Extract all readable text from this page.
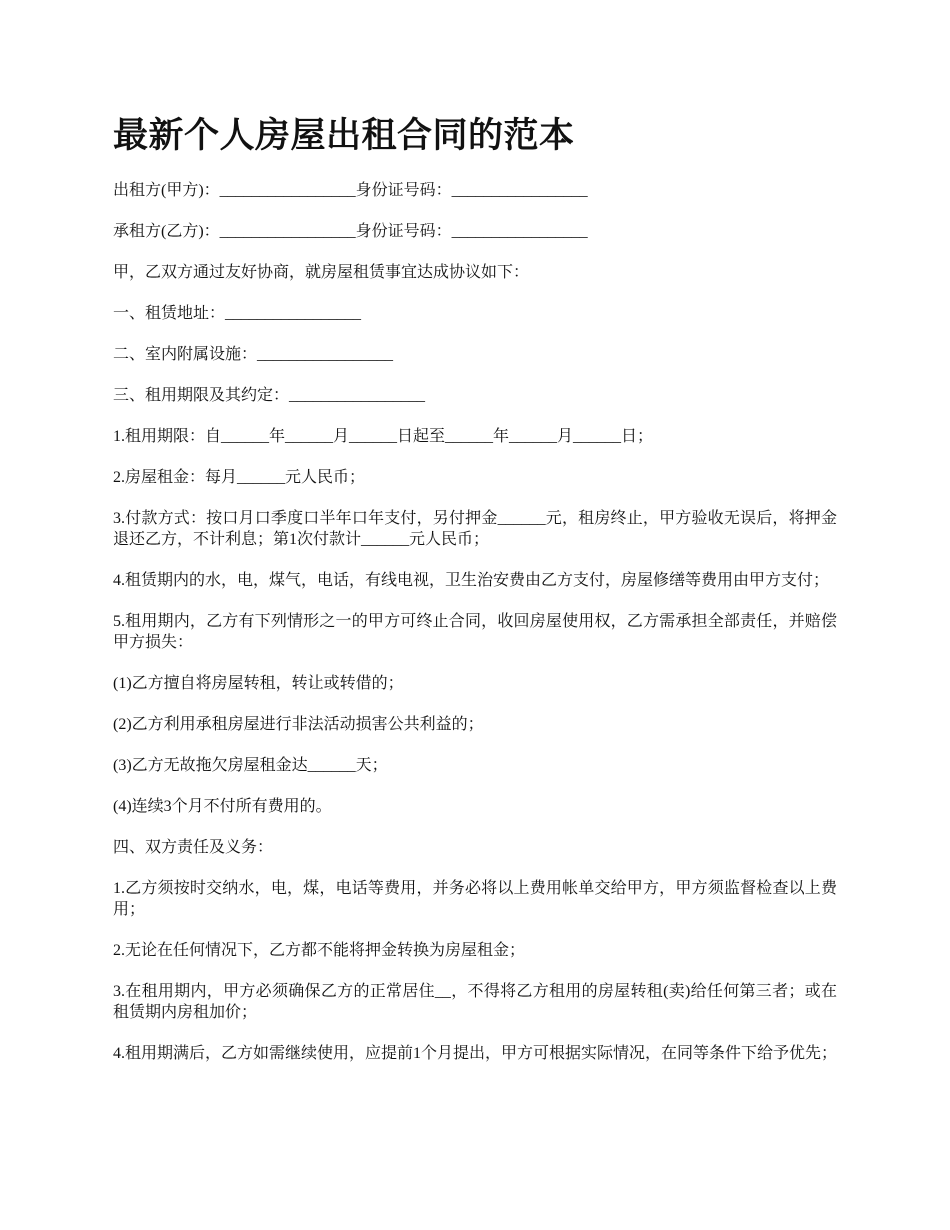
最新个人房屋出租合同的范本

出租方(甲方)：_________________身份证号码：_________________

承租方(乙方)：_________________身份证号码：_________________

甲，乙双方通过友好协商，就房屋租赁事宜达成协议如下：

一、租赁地址：_________________

二、室内附属设施：_________________

三、租用期限及其约定：_________________

1.租用期限：自______年______月______日起至______年______月______日；

2.房屋租金：每月______元人民币；

3.付款方式：按口月口季度口半年口年支付，另付押金______元，租房终止，甲方验收无误后，将押金退还乙方，不计利息；第1次付款计______元人民币；

4.租赁期内的水，电，煤气，电话，有线电视，卫生治安费由乙方支付，房屋修缮等费用由甲方支付；

5.租用期内，乙方有下列情形之一的甲方可终止合同，收回房屋使用权，乙方需承担全部责任，并赔偿甲方损失：

(1)乙方擅自将房屋转租，转让或转借的；

(2)乙方利用承租房屋进行非法活动损害公共利益的；

(3)乙方无故拖欠房屋租金达______天；

(4)连续3个月不付所有费用的。

四、双方责任及义务：

1.乙方须按时交纳水，电，煤，电话等费用，并务必将以上费用帐单交给甲方，甲方须监督检查以上费用；

2.无论在任何情况下，乙方都不能将押金转换为房屋租金；

3.在租用期内，甲方必须确保乙方的正常居住__，不得将乙方租用的房屋转租(卖)给任何第三者；或在租赁期内房租加价；

4.租用期满后，乙方如需继续使用，应提前1个月提出，甲方可根据实际情况，在同等条件下给予优先；
